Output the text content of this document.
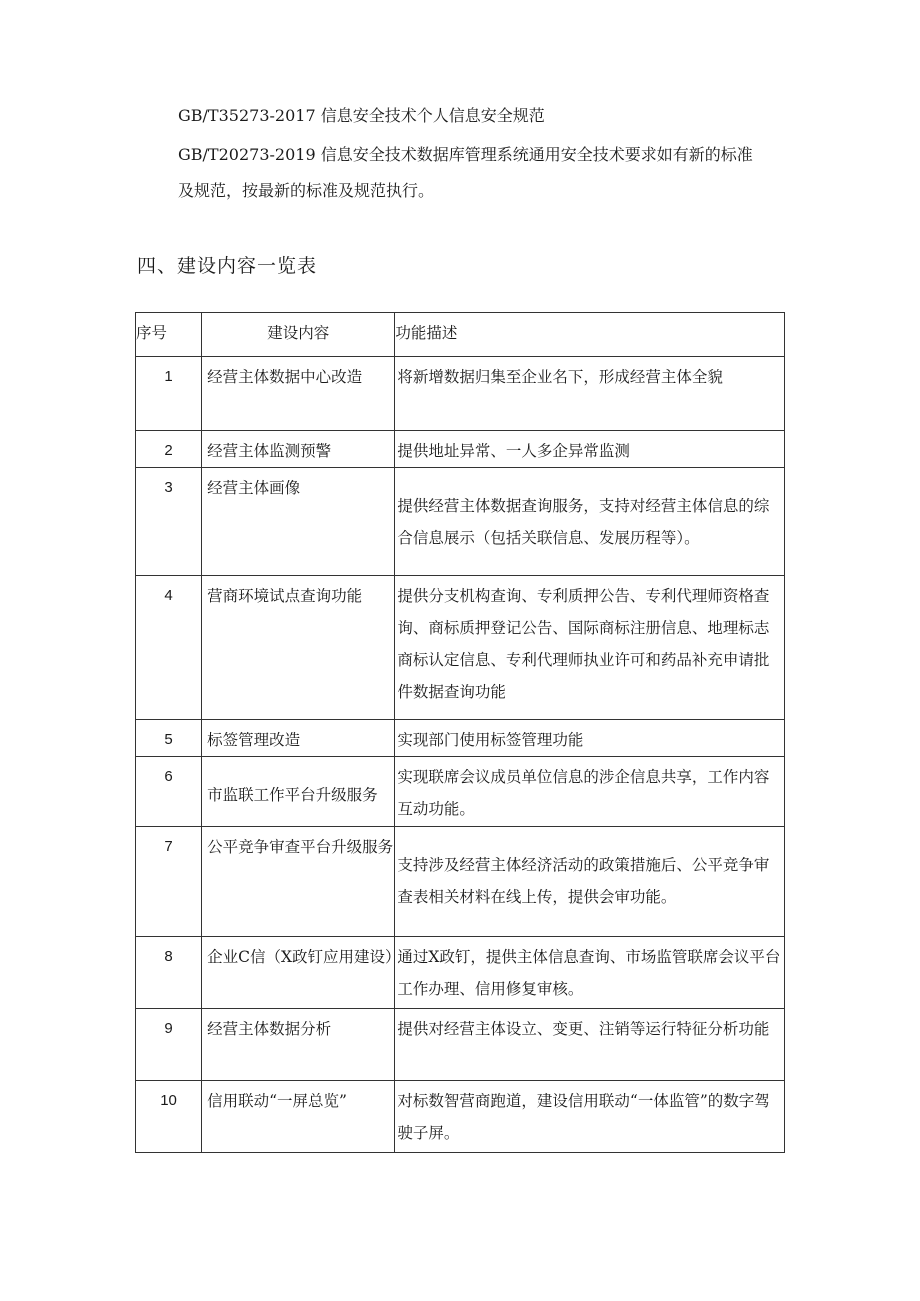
GB/T35273-2017 信息安全技术个人信息安全规范
GB/T20273-2019 信息安全技术数据库管理系统通用安全技术要求如有新的标准
及规范，按最新的标准及规范执行。
四、建设内容一览表
序号	建设内容	功能描述
1	经营主体数据中心改造	将新增数据归集至企业名下，形成经营主体全貌
2	经营主体监测预警	提供地址异常、一人多企异常监测
3	经营主体画像	提供经营主体数据查询服务，支持对经营主体信息的综合信息展示（包括关联信息、发展历程等）。
4	营商环境试点查询功能	提供分支机构查询、专利质押公告、专利代理师资格查询、商标质押登记公告、国际商标注册信息、地理标志商标认定信息、专利代理师执业许可和药品补充申请批件数据查询功能
5	标签管理改造	实现部门使用标签管理功能
6	市监联工作平台升级服务	实现联席会议成员单位信息的涉企信息共享，工作内容互动功能。
7	公平竞争审查平台升级服务	支持涉及经营主体经济活动的政策措施后、公平竞争审查表相关材料在线上传，提供会审功能。
8	企业C信（X政钉应用建设）	通过X政钉，提供主体信息查询、市场监管联席会议平台工作办理、信用修复审核。
9	经营主体数据分析	提供对经营主体设立、变更、注销等运行特征分析功能
10	信用联动“一屏总览”	对标数智营商跑道，建设信用联动“一体监管”的数字驾驶子屏。
